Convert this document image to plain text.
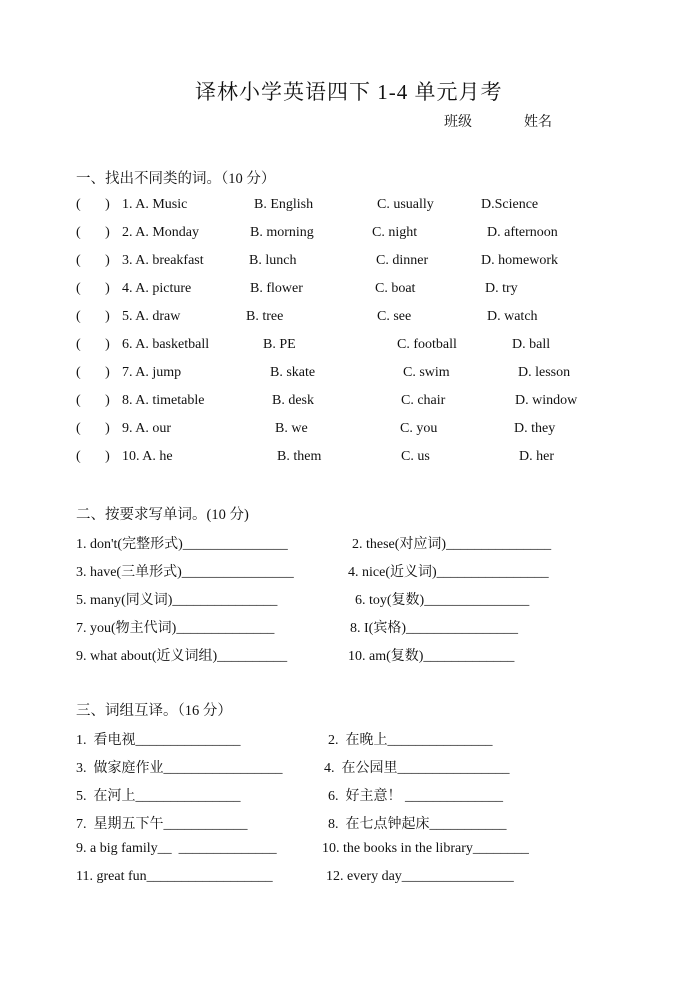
译林小学英语四下 1-4 单元月考
班级	姓名
一、找出不同类的词。（10 分）
(       ) 1. A. Music	B. English	C. usually	D.Science
(       ) 2. A. Monday	B. morning	C. night	D. afternoon
(       ) 3. A. breakfast	B. lunch	C. dinner	D. homework
(       ) 4. A. picture	B. flower	C. boat	D. try
(       ) 5. A. draw	B. tree	C. see	D. watch
(       ) 6. A. basketball	B. PE	C. football	D. ball
(       ) 7. A. jump	B. skate	C. swim	D. lesson
(       ) 8. A. timetable	B. desk	C. chair	D. window
(       ) 9. A. our	B. we	C. you	D. they
(       ) 10. A. he	B. them	C. us	D. her
二、按要求写单词。(10 分)
1. don't(完整形式)_______________	2. these(对应词)_______________
3. have(三单形式)________________	4. nice(近义词)________________
5. many(同义词)_______________	6. toy(复数)_______________
7. you(物主代词)______________	8. I(宾格)________________
9. what about(近义词组)__________	10. am(复数)_____________
三、词组互译。（16 分）
1.  看电视_______________	2.  在晚上_______________
3.  做家庭作业_________________	4.  在公园里________________
5.  在河上_______________	6.  好主意！ ______________
7.  星期五下午____________	8.  在七点钟起床___________
9. a big family__  ______________	10. the books in the library________
11. great fun__________________	12. every day________________
